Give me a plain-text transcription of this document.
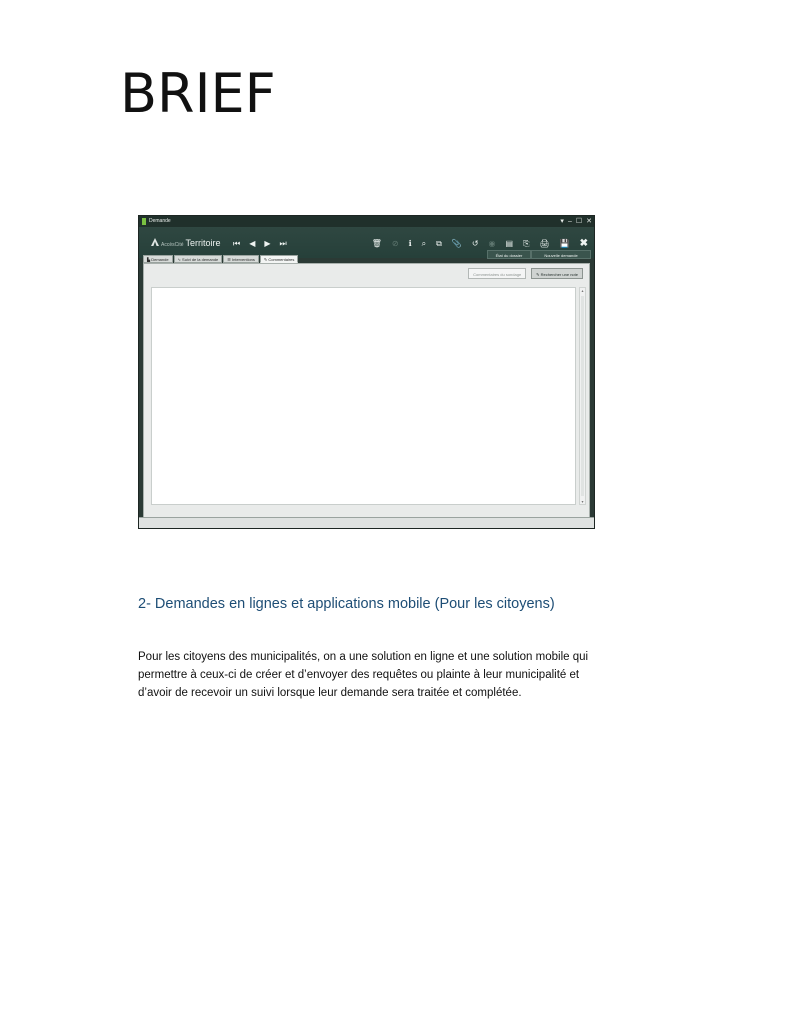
BRIEF
Demande	▾ – ☐ ✕
AccèsCité Territoire ⏮ ◀ ▶ ⏭	🗑 ⊘ ℹ ⌕ ⧉ 📎 ↺ ◉ ▤ ⎘ 🖨 💾 ✖
État du dossier	Nouvelle demande
▙ Demande	∿ Suivi de la demande	☰ Interventions	✎ Commentaires
Commentaires du sondage	✎ Rechercher une note
▴
▾
2- Demandes en lignes et applications mobile (Pour les citoyens)

Pour les citoyens des municipalités, on a une solution en ligne et une solution mobile qui permettre à ceux-ci de créer et d’envoyer des requêtes ou plainte à leur municipalité et d’avoir de recevoir un suivi lorsque leur demande sera traitée et complétée.
